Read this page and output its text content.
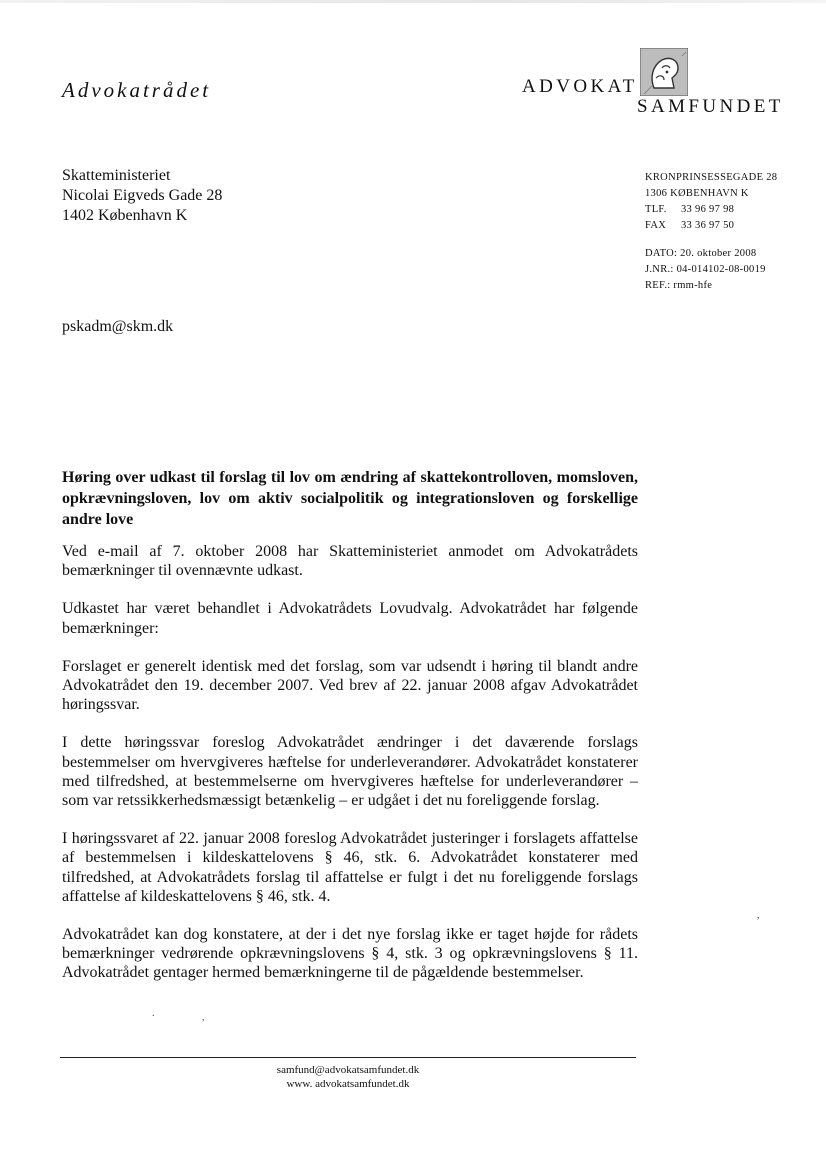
Advokatrådet	ADVOKAT
SAMFUNDET
Skatteministeriet
Nicolai Eigveds Gade 28
1402 København K
KRONPRINSESSEGADE 28
1306 KØBENHAVN K
TLF. 33 96 97 98
FAX 33 36 97 50
DATO: 20. oktober 2008
J.NR.: 04-014102-08-0019
REF.: rmm-hfe
pskadm@skm.dk
Høring over udkast til forslag til lov om ændring af skattekontrolloven, momsloven, opkrævningsloven, lov om aktiv socialpolitik og integrationsloven og forskellige andre love

Ved e-mail af 7. oktober 2008 har Skatteministeriet anmodet om Advokatrådets bemærkninger til ovennævnte udkast.

Udkastet har været behandlet i Advokatrådets Lovudvalg. Advokatrådet har følgende bemærkninger:

Forslaget er generelt identisk med det forslag, som var udsendt i høring til blandt andre Advokatrådet den 19. december 2007. Ved brev af 22. januar 2008 afgav Advokatrådet høringssvar.

I dette høringssvar foreslog Advokatrådet ændringer i det daværende forslags bestemmelser om hvervgiveres hæftelse for underleverandører. Advokatrådet konstaterer med tilfredshed, at bestemmelserne om hvervgiveres hæftelse for underleverandører – som var retssikkerhedsmæssigt betænkelig – er udgået i det nu foreliggende forslag.

I høringssvaret af 22. januar 2008 foreslog Advokatrådet justeringer i forslagets affattelse af bestemmelsen i kildeskattelovens § 46, stk. 6. Advokatrådet konstaterer med tilfredshed, at Advokatrådets forslag til affattelse er fulgt i det nu foreliggende forslags affattelse af kildeskattelovens § 46, stk. 4.

Advokatrådet kan dog konstatere, at der i det nye forslag ikke er taget højde for rådets bemærkninger vedrørende opkrævningslovens § 4, stk. 3 og opkrævningslovens § 11. Advokatrådet gentager hermed bemærkningerne til de pågældende bestemmelser.

,
.	,
samfund@advokatsamfundet.dk
www. advokatsamfundet.dk
